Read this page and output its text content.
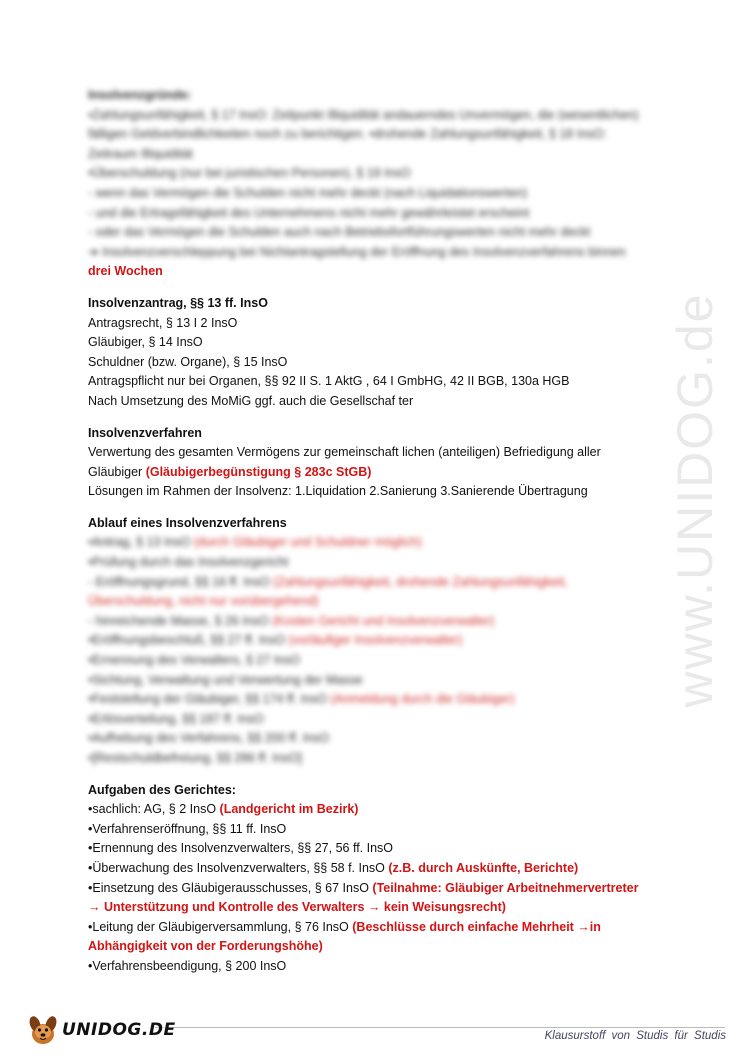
www.UNIDOG.de
Insolvenzgründe:
•Zahlungsunfähigkeit, § 17 InsO: Zeitpunkt Illiquidität andauerndes Unvermögen, die (wesentlichen)
fälligen Geldverbindlichkeiten noch zu berichtigen. •drohende Zahlungsunfähigkeit, § 18 InsO:
Zeitraum Illiquidität
•Überschuldung (nur bei juristischen Personen), § 19 InsO
- wenn das Vermögen die Schulden nicht mehr deckt (nach Liquidationswerten)
- und die Ertragsfähigkeit des Unternehmens nicht mehr gewährleistet erscheint
- oder das Vermögen die Schulden auch nach Betriebsfortführungswerten nicht mehr deckt
➔ Insolvenzverschleppung bei Nichtantragstellung der Eröffnung des Insolvenzverfahrens binnen
drei Wochen
Insolvenzantrag, §§ 13 ff. InsO
Antragsrecht, § 13 I 2 InsO
Gläubiger, § 14 InsO
Schuldner (bzw. Organe), § 15 InsO
Antragspflicht nur bei Organen, §§ 92 II S. 1 AktG , 64 I GmbHG, 42 II BGB, 130a HGB
Nach Umsetzung des MoMiG ggf. auch die Gesellschaf ter
Insolvenzverfahren
Verwertung des gesamten Vermögens zur gemeinschaft lichen (anteiligen) Befriedigung aller
Gläubiger (Gläubigerbegünstigung § 283c StGB)
Lösungen im Rahmen der Insolvenz: 1.Liquidation 2.Sanierung 3.Sanierende Übertragung
Ablauf eines Insolvenzverfahrens
•Antrag, § 13 InsO (durch Gläubiger und Schuldner möglich)
•Prüfung durch das Insolvenzgericht
- Eröffnungsgrund, §§ 16 ff. InsO (Zahlungsunfähigkeit, drohende Zahlungsunfähigkeit,
Überschuldung, nicht nur vorübergehend)
- hinreichende Masse, § 26 InsO (Kosten Gericht und Insolvenzverwalter)
•Eröffnungsbeschluß, §§ 27 ff. InsO (vorläufiger Insolvenzverwalter)
•Ernennung des Verwalters, § 27 InsO
•Sichtung, Verwaltung und Verwertung der Masse
•Feststellung der Gläubiger, §§ 174 ff. InsO (Anmeldung durch die Gläubiger)
•Erlösverteilung, §§ 187 ff. InsO
•Aufhebung des Verfahrens, §§ 200 ff. InsO
•[Restschuldbefreiung, §§ 286 ff. InsO]
Aufgaben des Gerichtes:
•sachlich: AG, § 2 InsO (Landgericht im Bezirk)
•Verfahrenseröffnung, §§ 11 ff. InsO
•Ernennung des Insolvenzverwalters, §§ 27, 56 ff. InsO
•Überwachung des Insolvenzverwalters, §§ 58 f. InsO (z.B. durch Auskünfte, Berichte)
•Einsetzung des Gläubigerausschusses, § 67 InsO (Teilnahme: Gläubiger Arbeitnehmervertreter
→ Unterstützung und Kontrolle des Verwalters → kein Weisungsrecht)
•Leitung der Gläubigerversammlung, § 76 InsO (Beschlüsse durch einfache Mehrheit →in
Abhängigkeit von der Forderungshöhe)
•Verfahrensbeendigung, § 200 InsO
UNIDOG.DE	Klausurstoff von Studis für Studis
